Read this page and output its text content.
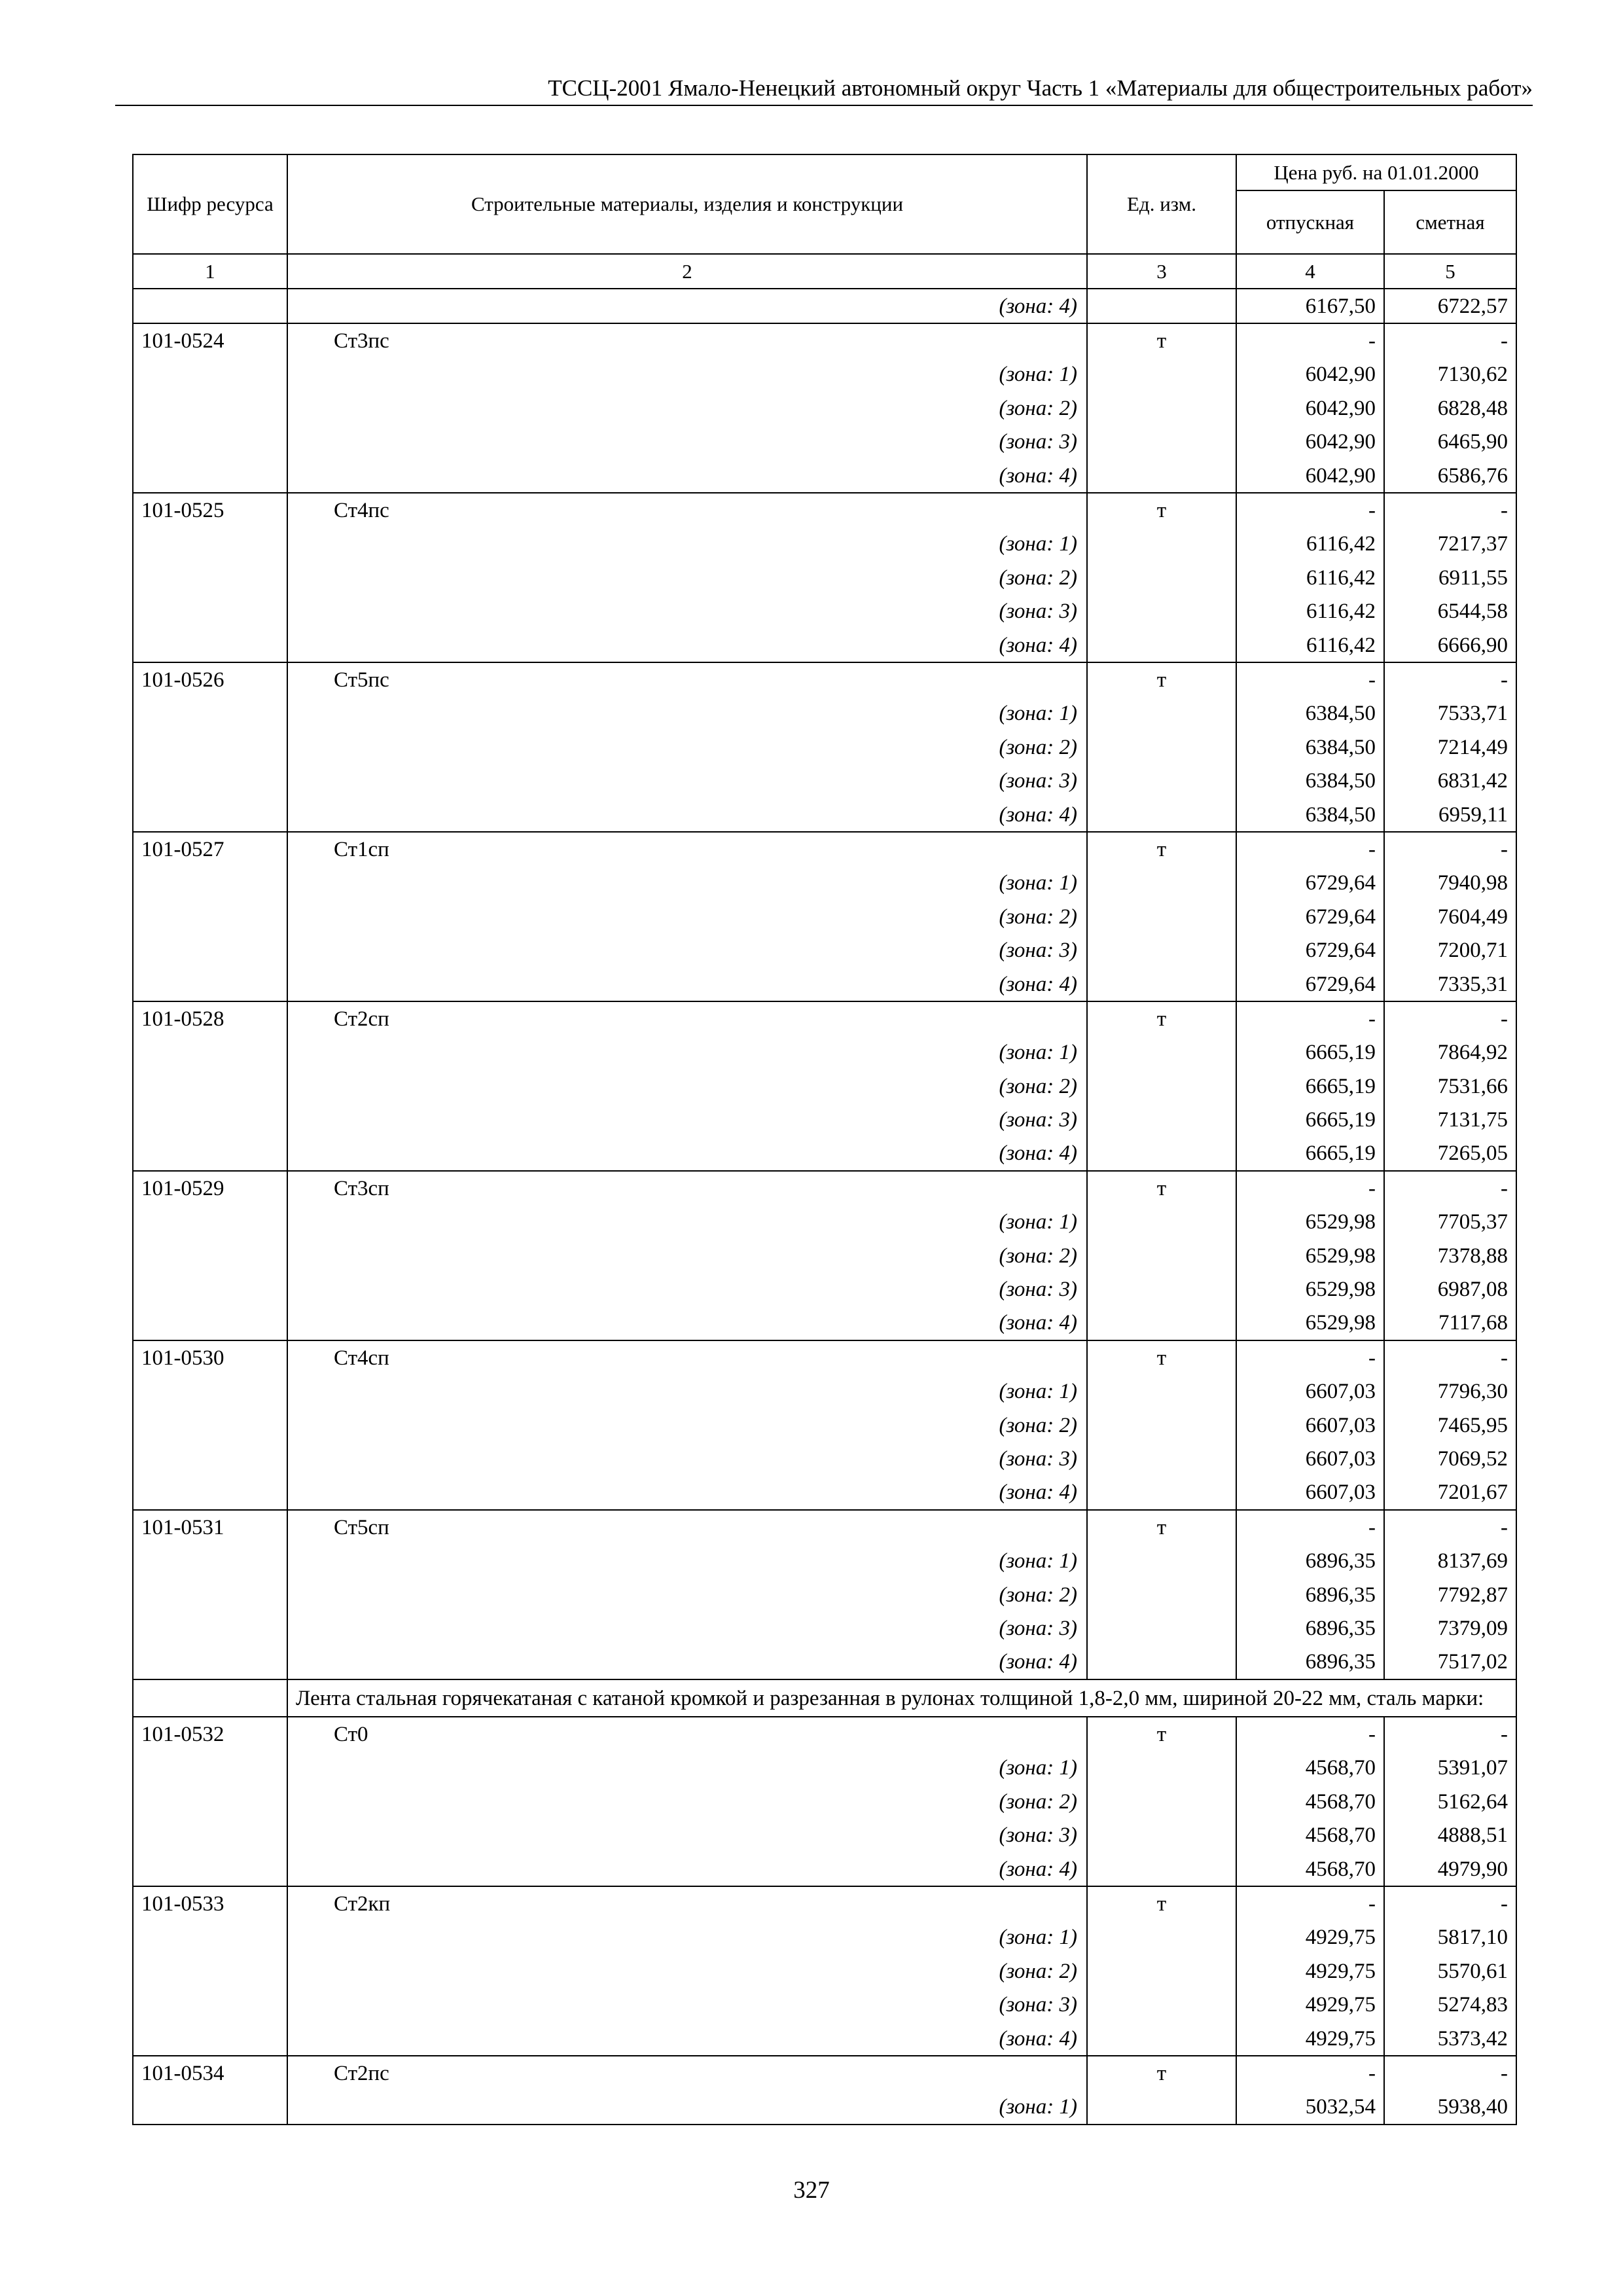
ТССЦ-2001 Ямало-Ненецкий автономный округ Часть 1 «Материалы для общестроительных работ»
Шифр ресурса	Строительные материалы, изделия и конструкции	Ед. изм.	Цена руб. на 01.01.2000	
			отпускная	сметная
1	2	3	4	5
	(зона: 4)		6167,50	6722,57
101-0524	Ст3пс	т	-	-
	(зона: 1)		6042,90	7130,62
	(зона: 2)		6042,90	6828,48
	(зона: 3)		6042,90	6465,90
	(зона: 4)		6042,90	6586,76
101-0525	Ст4пс	т	-	-
	(зона: 1)		6116,42	7217,37
	(зона: 2)		6116,42	6911,55
	(зона: 3)		6116,42	6544,58
	(зона: 4)		6116,42	6666,90
101-0526	Ст5пс	т	-	-
	(зона: 1)		6384,50	7533,71
	(зона: 2)		6384,50	7214,49
	(зона: 3)		6384,50	6831,42
	(зона: 4)		6384,50	6959,11
101-0527	Ст1сп	т	-	-
	(зона: 1)		6729,64	7940,98
	(зона: 2)		6729,64	7604,49
	(зона: 3)		6729,64	7200,71
	(зона: 4)		6729,64	7335,31
101-0528	Ст2сп	т	-	-
	(зона: 1)		6665,19	7864,92
	(зона: 2)		6665,19	7531,66
	(зона: 3)		6665,19	7131,75
	(зона: 4)		6665,19	7265,05
101-0529	Ст3сп	т	-	-
	(зона: 1)		6529,98	7705,37
	(зона: 2)		6529,98	7378,88
	(зона: 3)		6529,98	6987,08
	(зона: 4)		6529,98	7117,68
101-0530	Ст4сп	т	-	-
	(зона: 1)		6607,03	7796,30
	(зона: 2)		6607,03	7465,95
	(зона: 3)		6607,03	7069,52
	(зона: 4)		6607,03	7201,67
101-0531	Ст5сп	т	-	-
	(зона: 1)		6896,35	8137,69
	(зона: 2)		6896,35	7792,87
	(зона: 3)		6896,35	7379,09
	(зона: 4)		6896,35	7517,02
	Лента стальная горячекатаная с катаной кромкой и разрезанная в рулонах толщиной 1,8-2,0 мм, шириной 20-22 мм, сталь марки:			
101-0532	Ст0	т	-	-
	(зона: 1)		4568,70	5391,07
	(зона: 2)		4568,70	5162,64
	(зона: 3)		4568,70	4888,51
	(зона: 4)		4568,70	4979,90
101-0533	Ст2кп	т	-	-
	(зона: 1)		4929,75	5817,10
	(зона: 2)		4929,75	5570,61
	(зона: 3)		4929,75	5274,83
	(зона: 4)		4929,75	5373,42
101-0534	Ст2пс	т	-	-
	(зона: 1)		5032,54	5938,40
327
